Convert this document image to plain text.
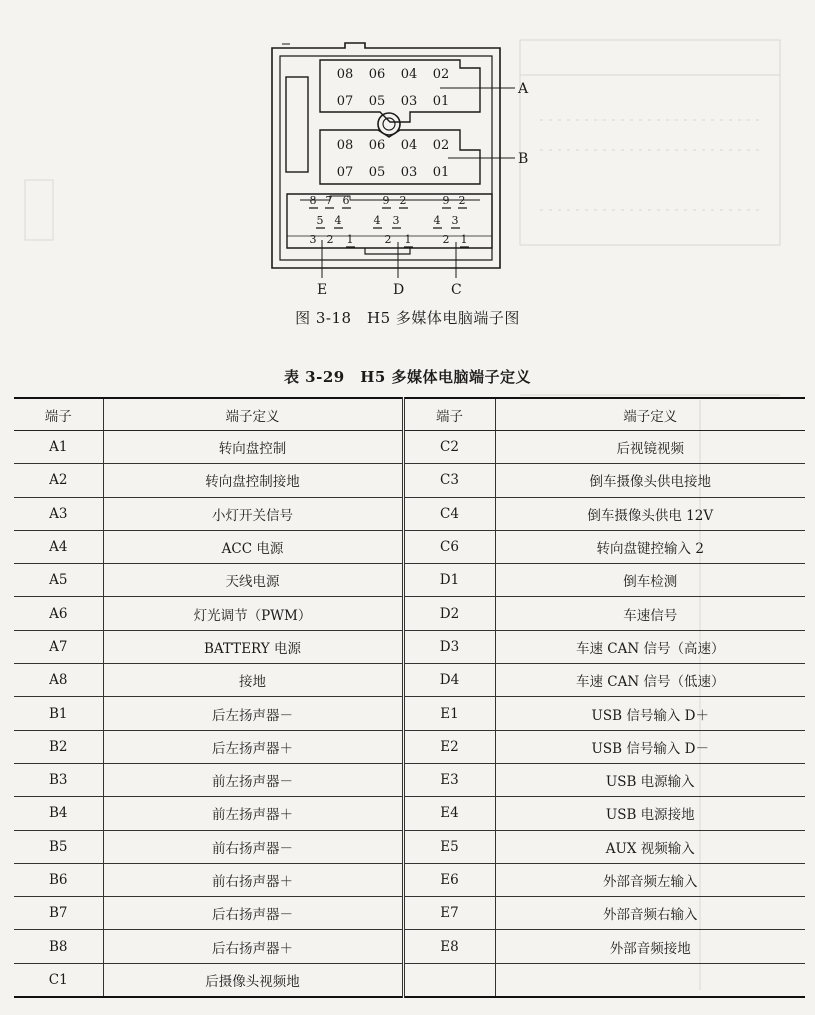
08 06 04 02
07 05 03 01
08 06 04 02
07 05 03 01
8 7 6	9 2	9 2
5 4	4 3	4 3
3 2 1	2 1	2 1
A
B
E	D	C
图 3-18　H5 多媒体电脑端子图
表 3-29　H5 多媒体电脑端子定义
端子	端子定义	端子	端子定义
A1	转向盘控制	C2	后视镜视频
A2	转向盘控制接地	C3	倒车摄像头供电接地
A3	小灯开关信号	C4	倒车摄像头供电 12V
A4	ACC 电源	C6	转向盘键控输入 2
A5	天线电源	D1	倒车检测
A6	灯光调节（PWM）	D2	车速信号
A7	BATTERY 电源	D3	车速 CAN 信号（高速）
A8	接地	D4	车速 CAN 信号（低速）
B1	后左扬声器－	E1	USB 信号输入 D＋
B2	后左扬声器＋	E2	USB 信号输入 D－
B3	前左扬声器－	E3	USB 电源输入
B4	前左扬声器＋	E4	USB 电源接地
B5	前右扬声器－	E5	AUX 视频输入
B6	前右扬声器＋	E6	外部音频左输入
B7	后右扬声器－	E7	外部音频右输入
B8	后右扬声器＋	E8	外部音频接地
C1	后摄像头视频地		
